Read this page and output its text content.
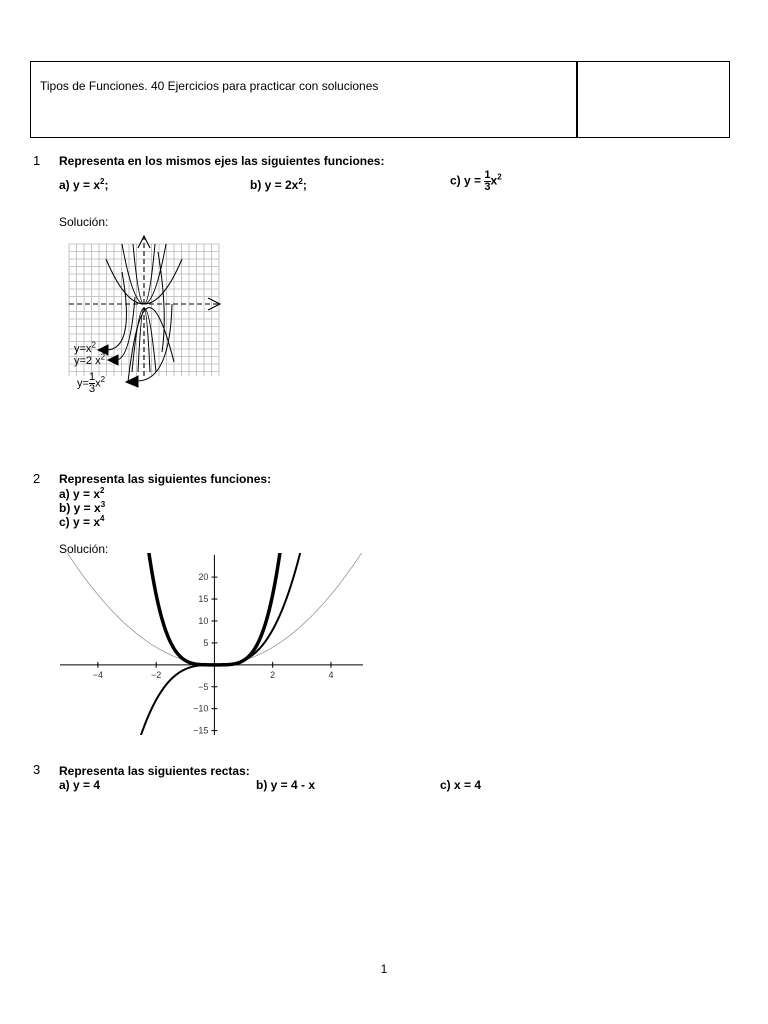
Tipos de Funciones. 40 Ejercicios para practicar con soluciones
1 Representa en los mismos ejes las siguientes funciones:
a) $y = x^2$;	b) $y = 2x^2$;	c) $y = \frac{1}{3} x^2$
Solución:
$y=x^2$
y=2 $x^2$
$y= \frac{1}{3} x^2$
2 Representa las siguientes funciones:
a) $y = x^2$
b) $y = x^3$
c) $y = x^4$
Solución:
−4	−2	2	4
20
15
10
5
−5
−10
−15
3 Representa las siguientes rectas:
a) y = 4	b) y = 4 - x	c) x = 4
1
